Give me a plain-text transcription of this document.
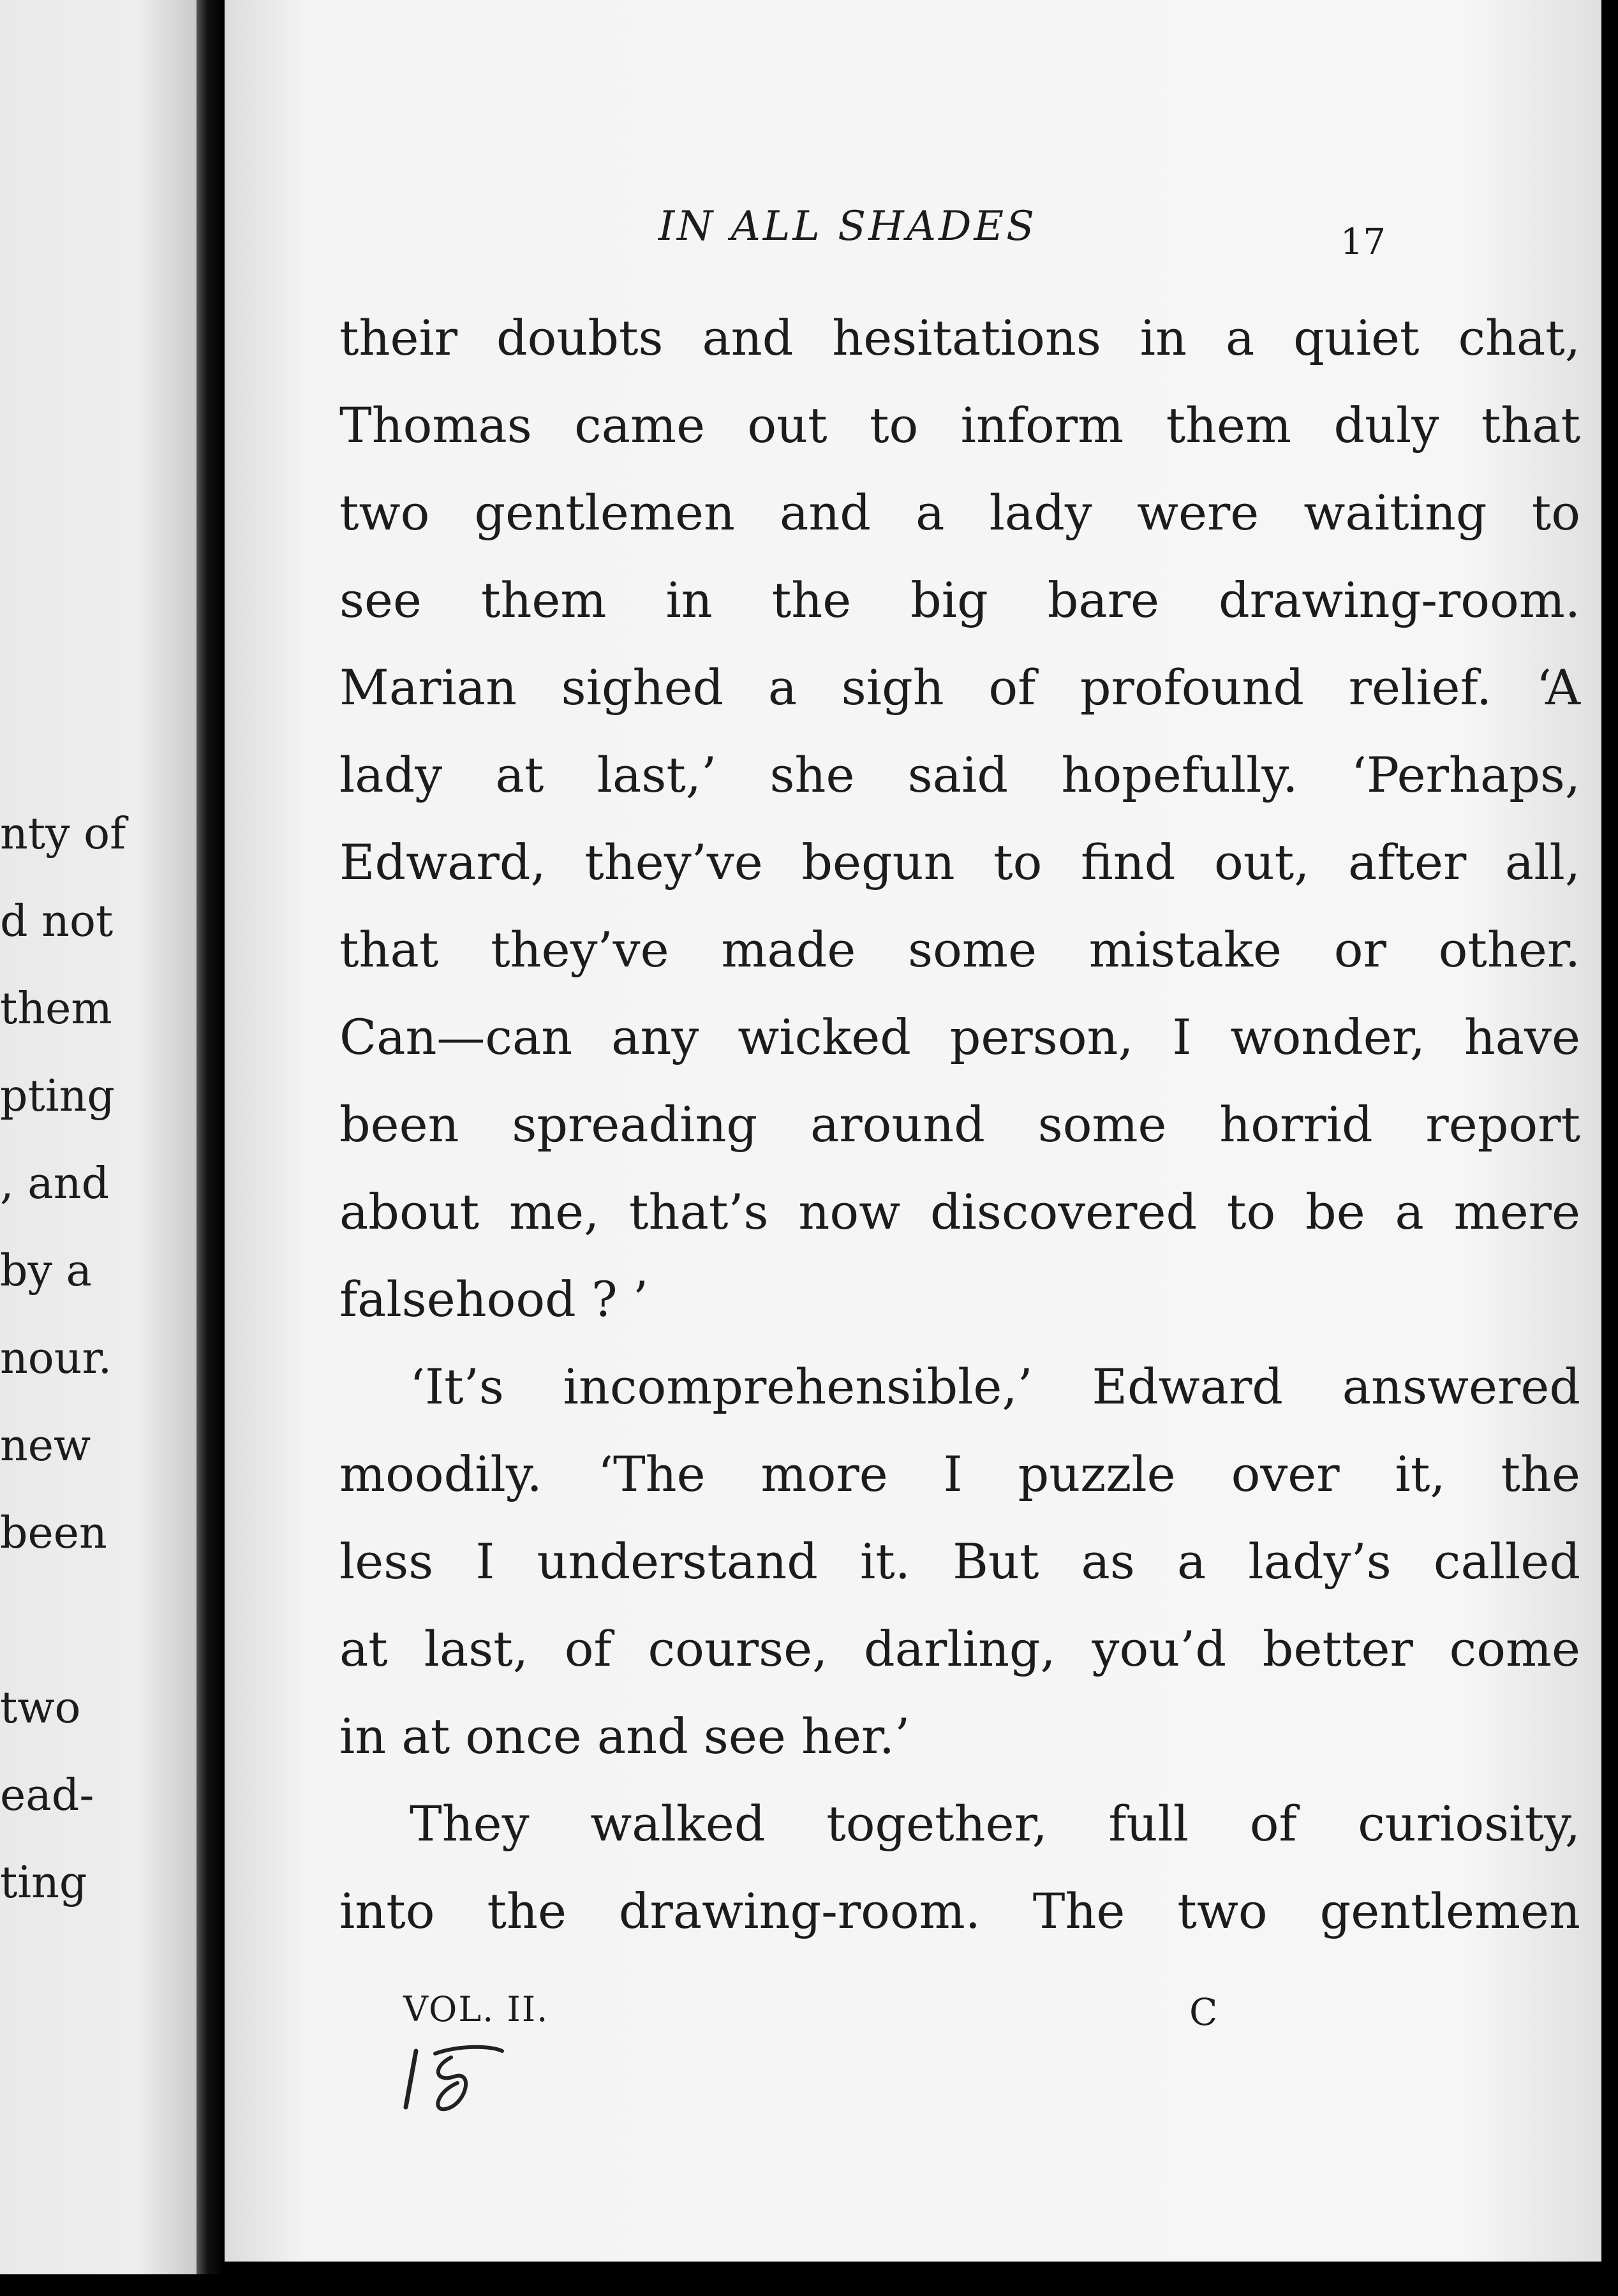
nty of
d not
them
pting
, and
by a
nour.
new
been
two
ead-
ting
IN ALL SHADES	17
their doubts and hesitations in a quiet chat,
Thomas came out to inform them duly that
two gentlemen and a lady were waiting to
see them in the big bare drawing-room.
Marian sighed a sigh of profound relief. ‘A
lady at last,’ she said hopefully. ‘Perhaps,
Edward, they’ve begun to find out, after all,
that they’ve made some mistake or other.
Can—can any wicked person, I wonder, have
been spreading around some horrid report
about me, that’s now discovered to be a mere
falsehood ? ’
‘It’s incomprehensible,’ Edward answered
moodily. ‘The more I puzzle over it, the
less I understand it. But as a lady’s called
at last, of course, darling, you’d better come
in at once and see her.’
They walked together, full of curiosity,
into the drawing-room. The two gentlemen
VOL. II.	C
